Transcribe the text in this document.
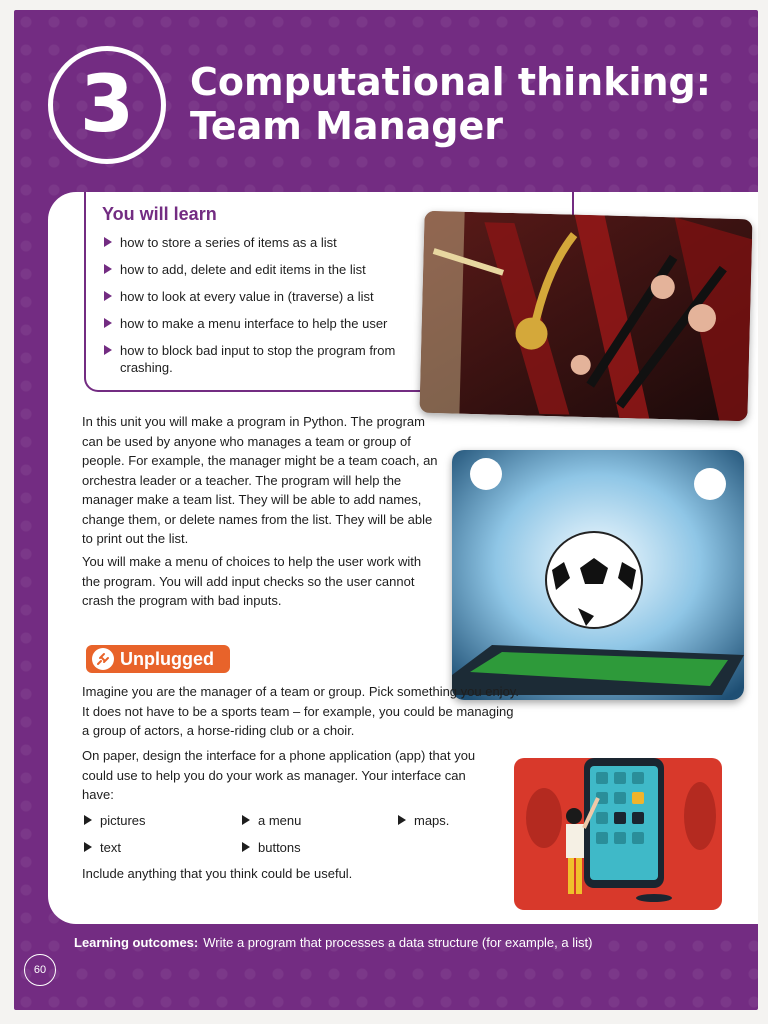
3 Computational thinking:
Team Manager
You will learn
how to store a series of items as a list
how to add, delete and edit items in the list
how to look at every value in (traverse) a list
how to make a menu interface to help the user
how to block bad input to stop the program from crashing.

In this unit you will make a program in Python. The program can be used by anyone who manages a team or group of people. For example, the manager might be a team coach, an orchestra leader or a teacher. The program will help the manager make a team list. They will be able to add names, change them, or delete names from the list. They will be able to print out the list.

You will make a menu of choices to help the user work with the program. You will add input checks so the user cannot crash the program with bad inputs.

Unplugged

Imagine you are the manager of a team or group. Pick something you enjoy. It does not have to be a sports team – for example, you could be managing a group of actors, a horse-riding club or a choir.

On paper, design the interface for a phone application (app) that you could use to help you do your work as manager. Your interface can have:

pictures
text
a menu
buttons
maps.

Include anything that you think could be useful.

Learning outcomes: Write a program that processes a data structure (for example, a list)
60
